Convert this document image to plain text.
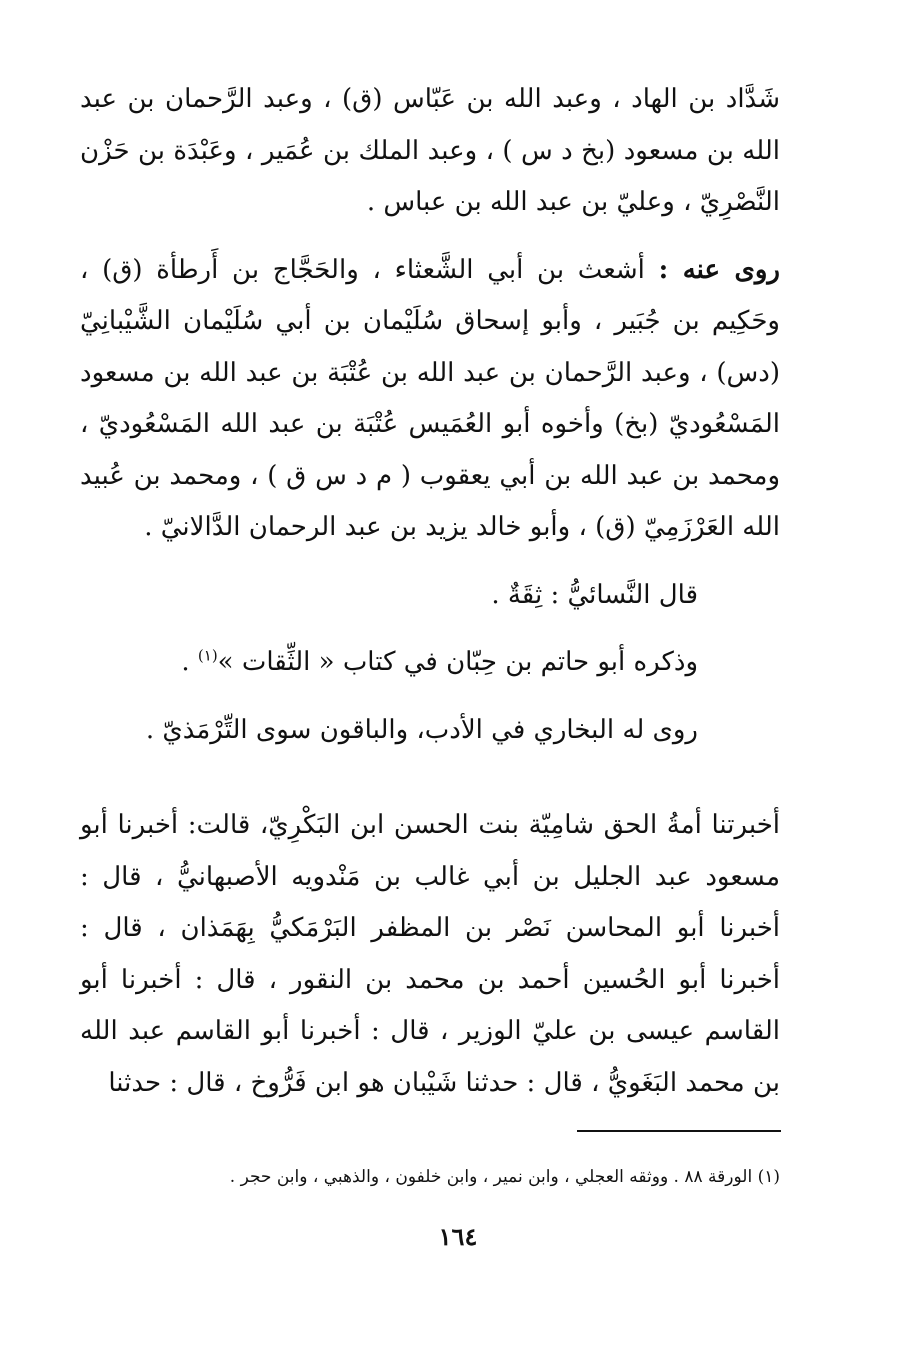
شَدَّاد بن الهاد ، وعبد الله بن عَبّاس (ق) ، وعبد الرَّحمان بن عبد الله بن مسعود (بخ د س ) ، وعبد الملك بن عُمَير ، وعَبْدَة بن حَزْن النَّصْرِيّ ، وعليّ بن عبد الله بن عباس .

روى عنه : أشعث بن أبي الشَّعثاء ، والحَجَّاج بن أَرطأة (ق) ، وحَكِيم بن جُبَير ، وأبو إسحاق سُلَيْمان بن أبي سُلَيْمان الشَّيْبانِيّ (دس) ، وعبد الرَّحمان بن عبد الله بن عُتْبَة بن عبد الله بن مسعود المَسْعُوديّ (بخ) وأخوه أبو العُمَيس عُتْبَة بن عبد الله المَسْعُوديّ ، ومحمد بن عبد الله بن أبي يعقوب ( م د س ق ) ، ومحمد بن عُبيد الله العَرْزَمِيّ (ق) ، وأبو خالد يزيد بن عبد الرحمان الدَّالانيّ .

قال النَّسائيُّ : ثِقَةٌ .

وذكره أبو حاتم بن حِبّان في كتاب « الثِّقات »$^{(١)}$ .

روى له البخاري في الأدب، والباقون سوى التِّرْمَذيّ .

أخبرتنا أمةُ الحق شامِيّة بنت الحسن ابن البَكْرِيّ، قالت: أخبرنا أبو مسعود عبد الجليل بن أبي غالب بن مَنْدويه الأصبهانيُّ ، قال : أخبرنا أبو المحاسن نَصْر بن المظفر البَرْمَكيُّ بِهَمَذان ، قال : أخبرنا أبو الحُسين أحمد بن محمد بن النقور ، قال : أخبرنا أبو القاسم عيسى بن عليّ الوزير ، قال : أخبرنا أبو القاسم عبد الله بن محمد البَغَويُّ ، قال : حدثنا شَيْبان هو ابن فَرُّوخ ، قال : حدثنا

(١) الورقة ٨٨ . ووثقه العجلي ، وابن نمير ، وابن خلفون ، والذهبي ، وابن حجر .
١٦٤
